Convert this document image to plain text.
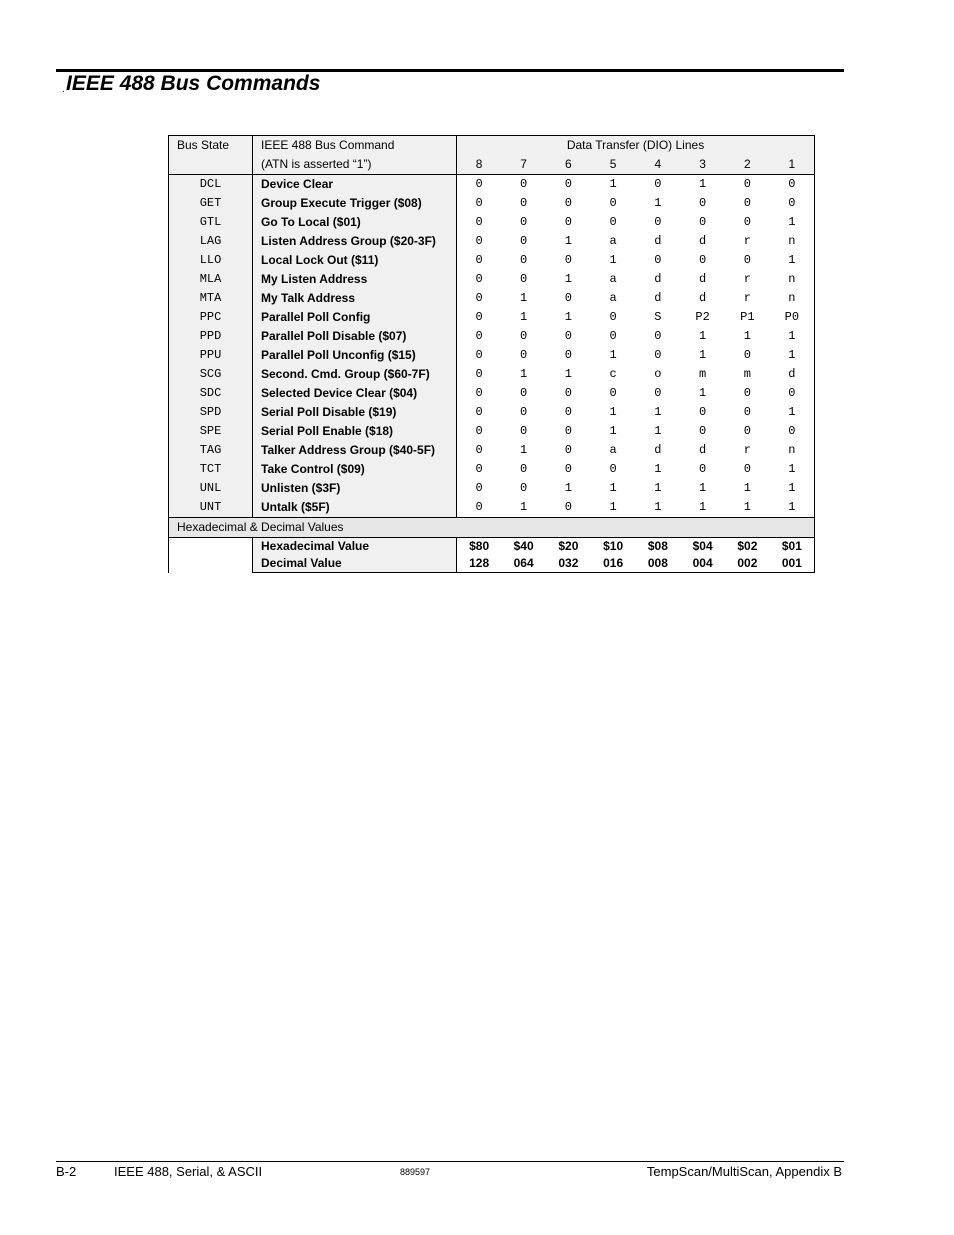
. IEEE 488 Bus Commands
Bus State	IEEE 488 Bus Command	Data Transfer (DIO) Lines							
	(ATN is asserted “1”)	8	7	6	5	4	3	2	1
DCL	Device Clear	0	0	0	1	0	1	0	0
GET	Group Execute Trigger ($08)	0	0	0	0	1	0	0	0
GTL	Go To Local ($01)	0	0	0	0	0	0	0	1
LAG	Listen Address Group ($20-3F)	0	0	1	a	d	d	r	n
LLO	Local Lock Out ($11)	0	0	0	1	0	0	0	1
MLA	My Listen Address	0	0	1	a	d	d	r	n
MTA	My Talk Address	0	1	0	a	d	d	r	n
PPC	Parallel Poll Config	0	1	1	0	S	P2	P1	P0
PPD	Parallel Poll Disable ($07)	0	0	0	0	0	1	1	1
PPU	Parallel Poll Unconfig ($15)	0	0	0	1	0	1	0	1
SCG	Second. Cmd. Group ($60-7F)	0	1	1	c	o	m	m	d
SDC	Selected Device Clear ($04)	0	0	0	0	0	1	0	0
SPD	Serial Poll Disable ($19)	0	0	0	1	1	0	0	1
SPE	Serial Poll Enable ($18)	0	0	0	1	1	0	0	0
TAG	Talker Address Group ($40-5F)	0	1	0	a	d	d	r	n
TCT	Take Control ($09)	0	0	0	0	1	0	0	1
UNL	Unlisten ($3F)	0	0	1	1	1	1	1	1
UNT	Untalk ($5F)	0	1	0	1	1	1	1	1
Hexadecimal & Decimal Values									
	Hexadecimal Value	$80	$40	$20	$10	$08	$04	$02	$01
	Decimal Value	128	064	032	016	008	004	002	001
B-2	IEEE 488, Serial, & ASCII	889597	TempScan/MultiScan, Appendix B
